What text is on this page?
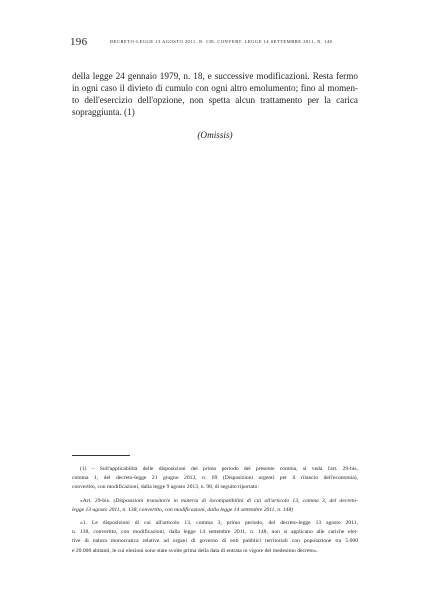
196	DECRETO-LEGGE 13 AGOSTO 2011, N. 138, CONVERT. LEGGE 14 SETTEMBRE 2011, N. 148
della legge 24 gennaio 1979, n. 18, e successive modificazioni. Resta fermo
in ogni caso il divieto di cumulo con ogni altro emolumento; fino al momen-
to dell'esercizio dell'opzione, non spetta alcun trattamento per la carica
sopraggiunta. (1)
(Omissis)
(1) – Sull'applicabilità delle disposizioni del primo periodo del presente comma, si veda l'art. 29-bis,
comma 1, del decreto-legge 21 giugno 2013, n. 69 (Disposizioni urgenti per il rilancio dell'economia),
convertito, con modificazioni, dalla legge 9 agosto 2013, n. 98, di seguito riportato:
«Art. 29-bis. (Disposizioni transitorie in materia di incompatibilità di cui all'articolo 13, comma 3, del decreto-
legge 13 agosto 2011, n. 138, convertito, con modificazioni, dalla legge 14 settembre 2011, n. 148)
«1. Le disposizioni di cui all'articolo 13, comma 3, primo periodo, del decreto-legge 13 agosto 2011,
n. 138, convertito, con modificazioni, dalla legge 14 settembre 2011, n. 148, non si applicano alle cariche elet-
tive di natura monocratica relative ad organi di governo di enti pubblici territoriali con popolazione tra 5.000
e 20.000 abitanti, le cui elezioni sono state svolte prima della data di entrata in vigore del medesimo decreto».
